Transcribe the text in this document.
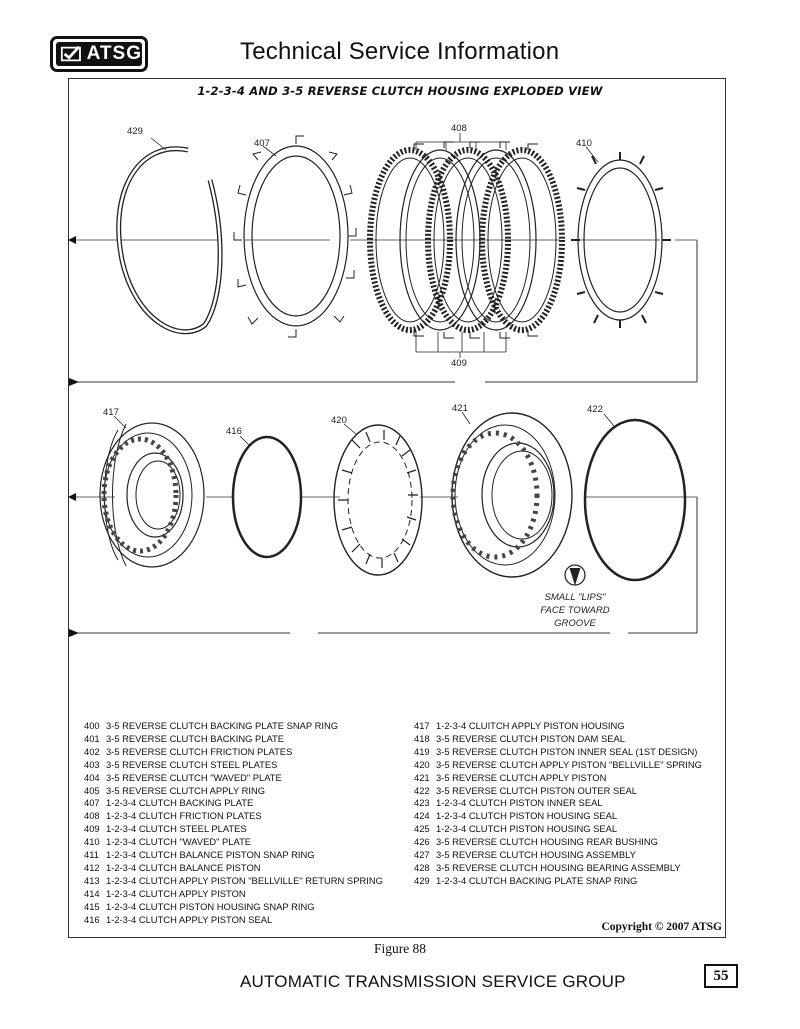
ATSG	Technical Service Information
1-2-3-4 AND 3-5 REVERSE CLUTCH HOUSING EXPLODED VIEW
429
407
408
409
410
417
416
420
421	422
SMALL "LIPS"
FACE TOWARD
GROOVE
400 3-5 REVERSE CLUTCH BACKING PLATE SNAP RING
401 3-5 REVERSE CLUTCH BACKING PLATE
402 3-5 REVERSE CLUTCH FRICTION PLATES
403 3-5 REVERSE CLUTCH STEEL PLATES
404 3-5 REVERSE CLUTCH "WAVED" PLATE
405 3-5 REVERSE CLUTCH APPLY RING
407 1-2-3-4 CLUTCH BACKING PLATE
408 1-2-3-4 CLUTCH FRICTION PLATES
409 1-2-3-4 CLUTCH STEEL PLATES
410 1-2-3-4 CLUTCH "WAVED" PLATE
411 1-2-3-4 CLUTCH BALANCE PISTON SNAP RING
412 1-2-3-4 CLUTCH BALANCE PISTON
413 1-2-3-4 CLUTCH APPLY PISTON "BELLVILLE" RETURN SPRING
414 1-2-3-4 CLUTCH APPLY PISTON
415 1-2-3-4 CLUTCH PISTON HOUSING SNAP RING
416 1-2-3-4 CLUTCH APPLY PISTON SEAL
417 1-2-3-4 CLUITCH APPLY PISTON HOUSING
418 3-5 REVERSE CLUTCH PISTON DAM SEAL
419 3-5 REVERSE CLUTCH PISTON INNER SEAL (1ST DESIGN)
420 3-5 REVERSE CLUTCH APPLY PISTON "BELLVILLE" SPRING
421 3-5 REVERSE CLUTCH APPLY PISTON
422 3-5 REVERSE CLUTCH PISTON OUTER SEAL
423 1-2-3-4 CLUTCH PISTON INNER SEAL
424 1-2-3-4 CLUTCH PISTON HOUSING SEAL
425 1-2-3-4 CLUTCH PISTON HOUSING SEAL
426 3-5 REVERSE CLUTCH HOUSING REAR BUSHING
427 3-5 REVERSE CLUTCH HOUSING ASSEMBLY
428 3-5 REVERSE CLUTCH HOUSING BEARING ASSEMBLY
429 1-2-3-4 CLUTCH BACKING PLATE SNAP RING
Copyright © 2007 ATSG
Figure 88
AUTOMATIC TRANSMISSION SERVICE GROUP	55
